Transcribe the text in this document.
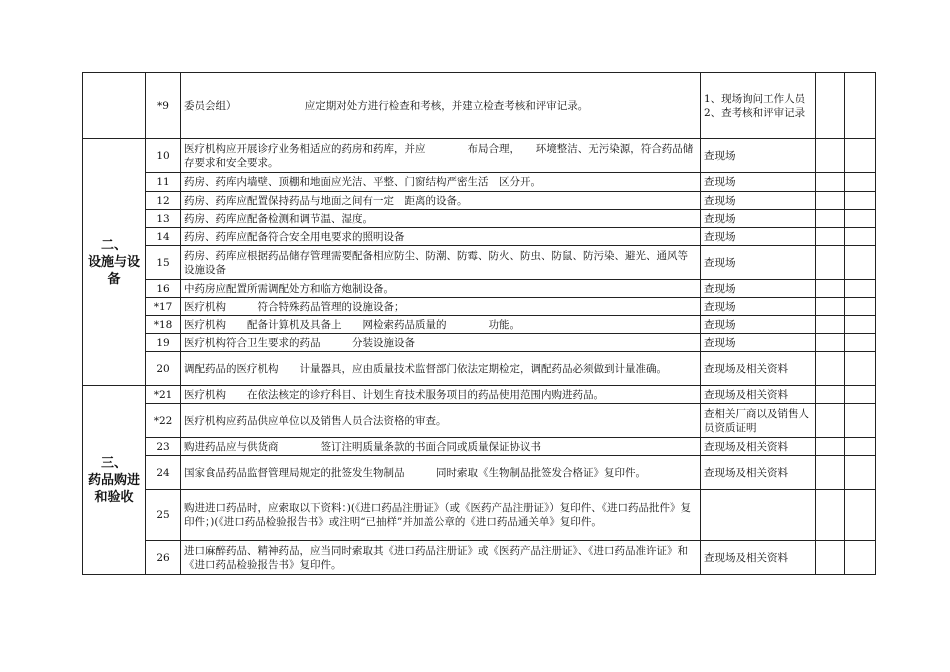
	*9	委员会组）　　　　　　　应定期对处方进行检查和考核，并建立检查考核和评审记录。	1、现场询问工作人员
2、查考核和评审记录		

二、
设施与设备	10	医疗机构应开展诊疗业务相适应的药房和药库，并应　　　　布局合理，　　环境整洁、无污染源，符合药品储存要求和安全要求。	查现场		
	11	药房、药库内墙壁、顶棚和地面应光洁、平整、门窗结构严密生活　区分开。	查现场		
	12	药房、药库应配置保持药品与地面之间有一定　距离的设备。	查现场		
	13	药房、药库应配备检测和调节温、湿度。	查现场		
	14	药房、药库应配备符合安全用电要求的照明设备	查现场		
	15	药房、药库应根据药品储存管理需要配备相应防尘、防潮、防霉、防火、防虫、防鼠、防污染、避光、通风等设施设备	查现场		
	16	中药房应配置所需调配处方和临方炮制设备。	查现场		
	*17	医疗机构　　　符合特殊药品管理的设施设备；	查现场		
	*18	医疗机构　　配备计算机及具备上　　网检索药品质量的　　　　功能。	查现场		
	19	医疗机构符合卫生要求的药品　　　分装设施设备	查现场		
	20	调配药品的医疗机构　　计量器具，应由质量技术监督部门依法定期检定，调配药品必须做到计量准确。	查现场及相关资料		

三、
药品购进和验收	*21	医疗机构　　在依法核定的诊疗科目、计划生育技术服务项目的药品使用范围内购进药品。	查现场及相关资料		
	*22	医疗机构应药品供应单位以及销售人员合法资格的审查。	查相关厂商以及销售人员资质证明		
	23	购进药品应与供货商　　　　签订注明质量条款的书面合同或质量保证协议书	查现场及相关资料		
	24	国家食品药品监督管理局规定的批签发生物制品　　　同时索取《生物制品批签发合格证》复印件。	查现场及相关资料		
	25	购进进口药品时，应索取以下资料：)(《进口药品注册证》（或《医药产品注册证》）复印件、《进口药品批件》复印件；)(《进口药品检验报告书》或注明“已抽样”并加盖公章的《进口药品通关单》复印件。			
	26	进口麻醉药品、精神药品，应当同时索取其《进口药品注册证》或《医药产品注册证》、《进口药品准许证》和《进口药品检验报告书》复印件。	查现场及相关资料		
